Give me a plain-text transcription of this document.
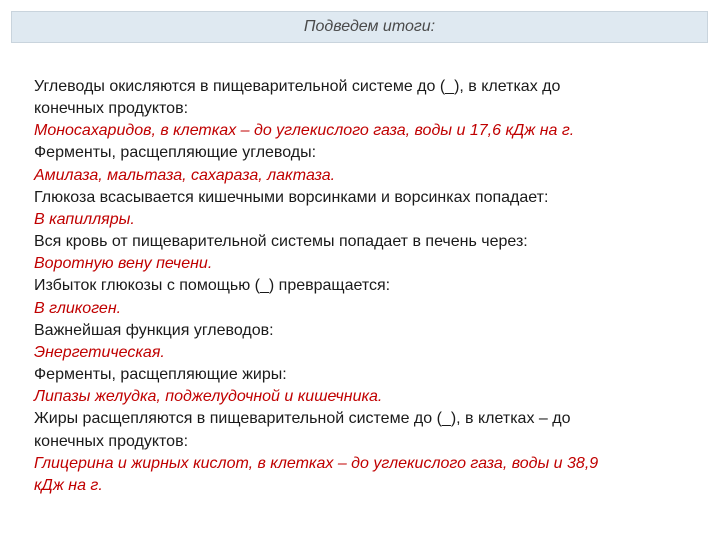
Подведем итоги:
Углеводы окисляются в пищеварительной системе до (_), в клетках до
конечных продуктов:
Моносахаридов, в клетках – до углекислого газа, воды и 17,6 кДж на г.
Ферменты, расщепляющие углеводы:
Амилаза, мальтаза, сахараза, лактаза.
Глюкоза всасывается кишечными ворсинками и ворсинках попадает:
В капилляры.
Вся кровь от пищеварительной системы попадает в печень через:
Воротную вену печени.
Избыток глюкозы с помощью (_) превращается:
В гликоген.
Важнейшая функция углеводов:
Энергетическая.
Ферменты, расщепляющие жиры:
Липазы желудка, поджелудочной и кишечника.
Жиры расщепляются в пищеварительной системе до (_), в клетках – до
конечных продуктов:
Глицерина и жирных кислот, в клетках – до углекислого газа, воды и 38,9
кДж на г.
